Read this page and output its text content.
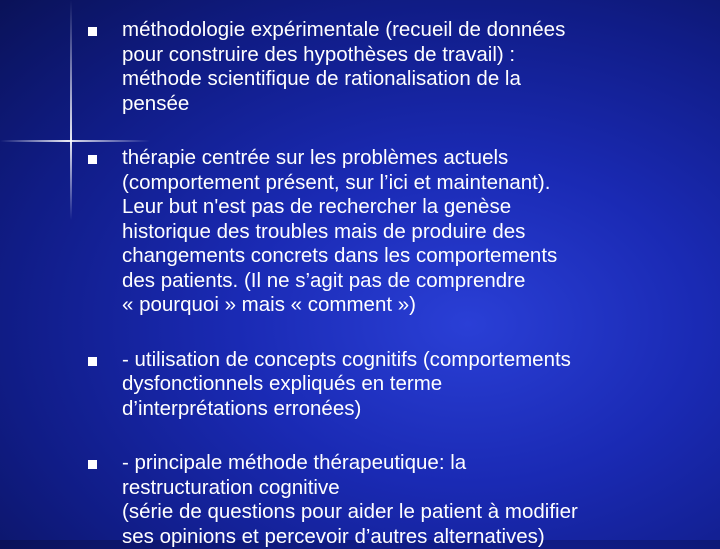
méthodologie expérimentale (recueil de données
pour construire des hypothèses de travail) :
méthode scientifique de rationalisation de la
pensée
thérapie centrée sur les problèmes actuels
(comportement présent, sur l’ici et maintenant).
Leur but n'est pas de rechercher la genèse
historique des troubles mais de produire des
changements concrets dans les comportements
des patients. (Il ne s’agit pas de comprendre
« pourquoi » mais « comment »)
- utilisation de concepts cognitifs (comportements
dysfonctionnels expliqués en terme
d’interprétations erronées)
- principale méthode thérapeutique: la
restructuration cognitive
(série de questions pour aider le patient à modifier
ses opinions et percevoir d’autres alternatives)
